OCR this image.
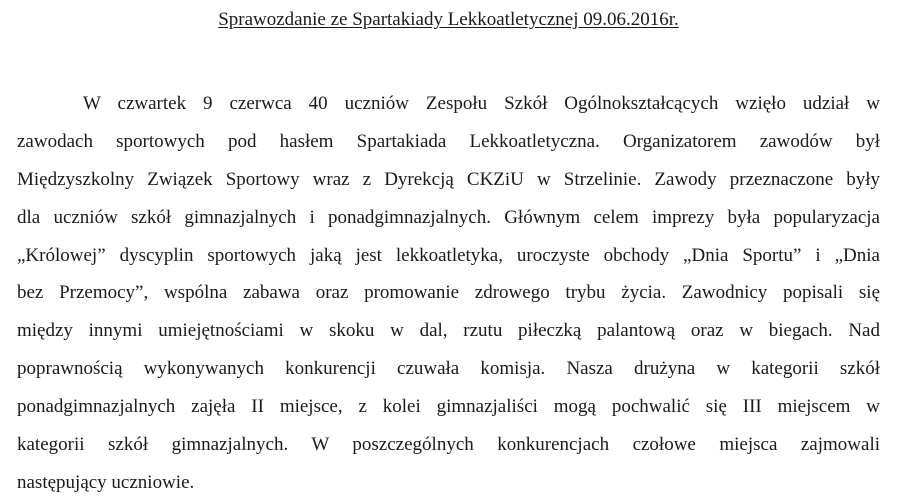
Sprawozdanie ze Spartakiady Lekkoatletycznej 09.06.2016r.
W czwartek 9 czerwca 40 uczniów Zespołu Szkół Ogólnokształcących wzięło udział w
zawodach sportowych pod hasłem Spartakiada Lekkoatletyczna. Organizatorem zawodów był
Międzyszkolny Związek Sportowy wraz z Dyrekcją CKZiU w Strzelinie. Zawody przeznaczone były
dla uczniów szkół gimnazjalnych i ponadgimnazjalnych. Głównym celem imprezy była popularyzacja
„Królowej” dyscyplin sportowych jaką jest lekkoatletyka, uroczyste obchody „Dnia Sportu” i „Dnia
bez Przemocy”, wspólna zabawa oraz promowanie zdrowego trybu życia. Zawodnicy popisali się
między innymi umiejętnościami w skoku w dal, rzutu piłeczką palantową oraz w biegach. Nad
poprawnością wykonywanych konkurencji czuwała komisja. Nasza drużyna w kategorii szkół
ponadgimnazjalnych zajęła II miejsce, z kolei gimnazjaliści mogą pochwalić się III miejscem w
kategorii szkół gimnazjalnych. W poszczególnych konkurencjach czołowe miejsca zajmowali
następujący uczniowie.
